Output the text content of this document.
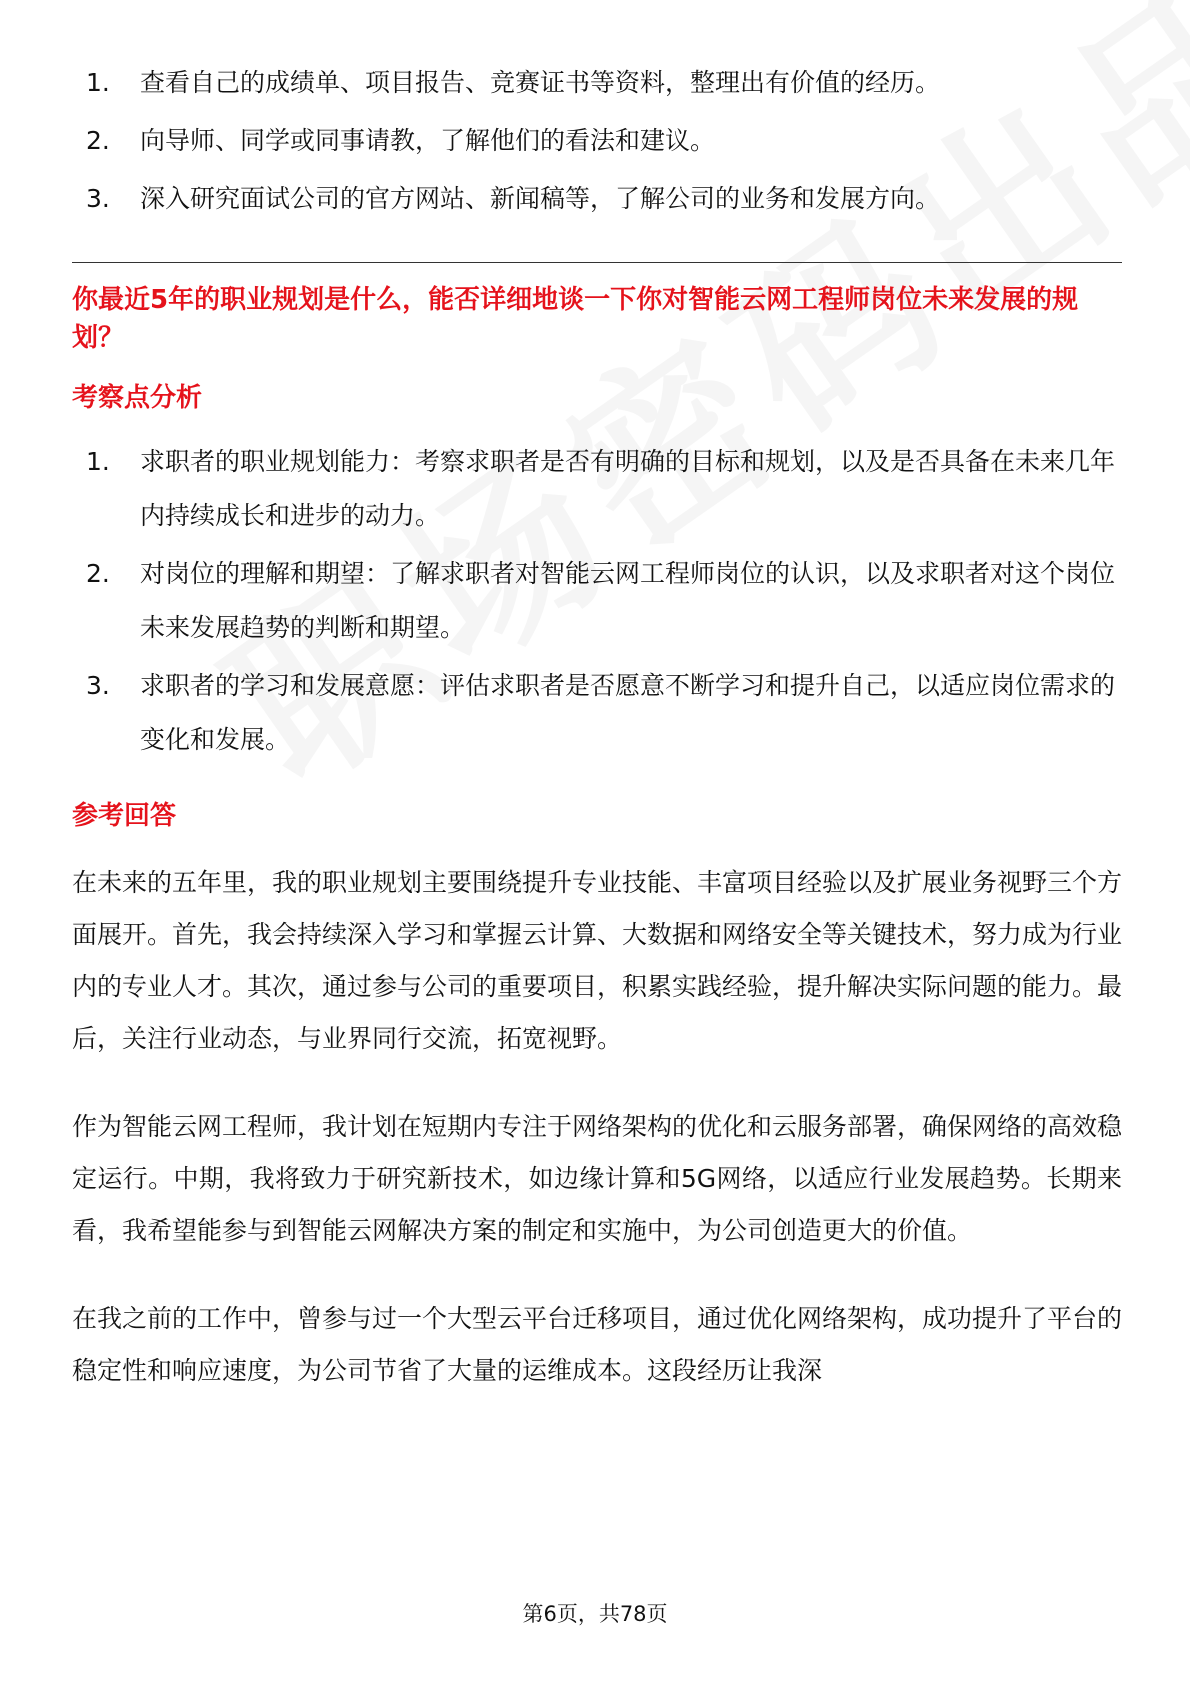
1.	查看自己的成绩单、项目报告、竞赛证书等资料，整理出有价值的经历。
2.	向导师、同学或同事请教，了解他们的看法和建议。
3.	深入研究面试公司的官方网站、新闻稿等，了解公司的业务和发展方向。
你最近5年的职业规划是什么，能否详细地谈一下你对智能云网工程师岗位未来发展的规划？
考察点分析
1.	求职者的职业规划能力：考察求职者是否有明确的目标和规划，以及是否具备在未来几年内持续成长和进步的动力。
2.	对岗位的理解和期望：了解求职者对智能云网工程师岗位的认识，以及求职者对这个岗位未来发展趋势的判断和期望。
3.	求职者的学习和发展意愿：评估求职者是否愿意不断学习和提升自己，以适应岗位需求的变化和发展。
参考回答

在未来的五年里，我的职业规划主要围绕提升专业技能、丰富项目经验以及扩展业务视野三个方面展开。首先，我会持续深入学习和掌握云计算、大数据和网络安全等关键技术，努力成为行业内的专业人才。其次，通过参与公司的重要项目，积累实践经验，提升解决实际问题的能力。最后，关注行业动态，与业界同行交流，拓宽视野。

作为智能云网工程师，我计划在短期内专注于网络架构的优化和云服务部署，确保网络的高效稳定运行。中期，我将致力于研究新技术，如边缘计算和5G网络，以适应行业发展趋势。长期来看，我希望能参与到智能云网解决方案的制定和实施中，为公司创造更大的价值。

在我之前的工作中，曾参与过一个大型云平台迁移项目，通过优化网络架构，成功提升了平台的稳定性和响应速度，为公司节省了大量的运维成本。这段经历让我深

第6页，共78页
